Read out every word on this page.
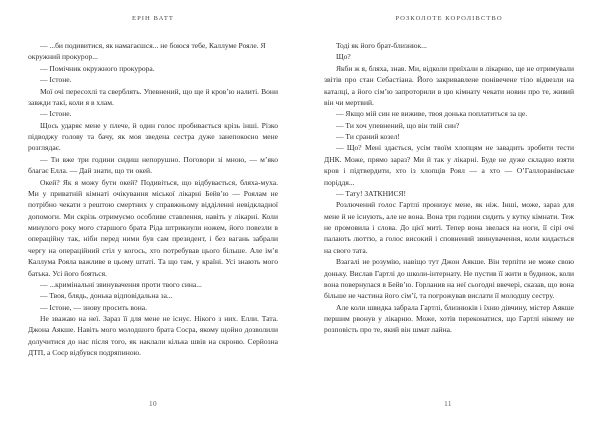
ЕРІН ВАТТ

— ...би подивитися, як намагаєшся... не боюся тебе, Каллуме Рояле. Я окружний прокурор...

— Помічник окружного прокурора.

— Істоне.

Мої очі пересохлі та сверблять. Упевнений, що ще й кров’ю налиті. Вони завжди такі, коли я в хлам.

— Істоне.

Щось ударяє мене у плече, й один голос пробивається крізь інші. Різко підводжу голову та бачу, як моя зведена сестра дуже занепокоєно мене розглядає.

— Ти вже три години сидиш непорушно. Поговори зі мною, — м’яко благає Елла. — Дай знати, що ти окей.

Окей? Як я можу бути окей? Подивіться, що відбувається, бляха-муха. Ми у приватній кімнаті очікування міської лікарні Бейв’ю — Роялам не потрібно чекати з рештою смертних у справжньому відділенні невідкладної допомоги. Ми скрізь отримуємо особливе ставлення, навіть у лікарні. Коли минулого року мого старшого брата Ріда штрикнули ножем, його повезли в операційну так, ніби перед ними був сам президент, і без вагань забрали чергу на операційний стіл у когось, хто потребував цього більше. Але ім’я Каллума Рояла важливе в цьому штаті. Та що там, у країні. Усі знають мого батька. Усі його бояться.

— ...кримінальні звинувачення проти твого сина...

— Твоя, блядь, донька відповідальна за...

— Істоне, — знову просить вона.

Не зважаю на неї. Зараз її для мене не існує. Нікого з них. Елли. Тата. Джона Аякше. Навіть мого молодшого брата Сосра, якому щойно дозволили долучитися до нас після того, як наклали кілька швів на скроню. Серйозна ДТП, а Соєр відбувся подряпиною.

10
РОЗКОЛОТЕ КОРОЛІВСТВО

Тоді як його брат-близнюк...

Що?

Якби ж я, бляха, знав. Ми, відколи приїхали в лікарню, ще не отримували звітів про стан Себастіана. Його закривавлене понівечене тіло відвезли на каталці, а його сім’ю запроторили в цю кімнату чекати новин про те, живий він чи мертвий.

— Якщо мій син не виживе, твоя донька поплатиться за це.

— Ти хоч упевнений, що він твій син?

— Ти сраний козел!

— Що? Мені здається, усім твоїм хлопцям не завадить зробити тести ДНК. Може, прямо зараз? Ми й так у лікарні. Буде не дуже складно взяти кров і підтвердити, хто із хлопців Роял — а хто — О’Галлоранівське поріддя...

— Тату! ЗАТКНИСЯ!

Розлючений голос Гартлі пронизує мене, як ніж. Інші, може, зараз для мене й не існують, але не вона. Вона три години сидить у кутку кімнати. Теж не промовила і слова. До цієї миті. Тепер вона звелася на ноги, її сірі очі палають люттю, а голос високий і сповнений звинувачення, коли кидається на свого тата.

Взагалі не розумію, навіщо тут Джон Аякше. Він терпіти не може свою доньку. Вислав Гартлі до школи-інтернату. Не пустив її жити в будинок, коли вона повернулася в Бейв’ю. Горланив на неї сьогодні ввечері, сказав, що вона більше не частина його сім’ї, та погрожував вислати її молодшу сестру.

Але коли швидка забрала Гартлі, близнюків і їхню дівчину, містер Аякше першим рвонув у лікарню. Може, хотів переконатися, що Гартлі нікому не розповість про те, який він шмат лайна.

11
